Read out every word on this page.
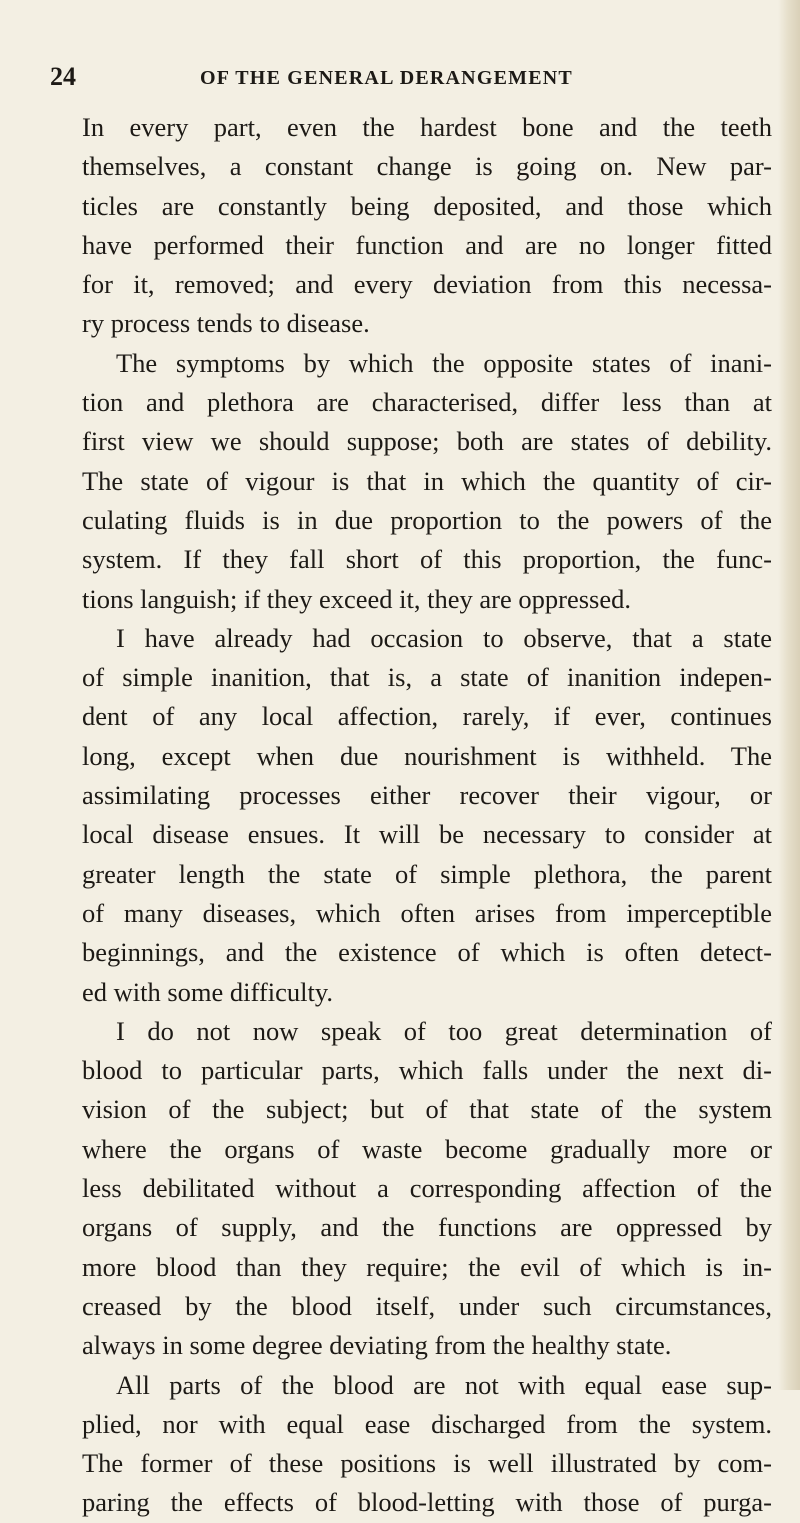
24	OF THE GENERAL DERANGEMENT
In every part, even the hardest bone and the teeth
themselves, a constant change is going on. New par-
ticles are constantly being deposited, and those which
have performed their function and are no longer fitted
for it, removed; and every deviation from this necessa-
ry process tends to disease.
The symptoms by which the opposite states of inani-
tion and plethora are characterised, differ less than at
first view we should suppose; both are states of debility.
The state of vigour is that in which the quantity of cir-
culating fluids is in due proportion to the powers of the
system. If they fall short of this proportion, the func-
tions languish; if they exceed it, they are oppressed.
I have already had occasion to observe, that a state
of simple inanition, that is, a state of inanition indepen-
dent of any local affection, rarely, if ever, continues
long, except when due nourishment is withheld. The
assimilating processes either recover their vigour, or
local disease ensues. It will be necessary to consider at
greater length the state of simple plethora, the parent
of many diseases, which often arises from imperceptible
beginnings, and the existence of which is often detect-
ed with some difficulty.
I do not now speak of too great determination of
blood to particular parts, which falls under the next di-
vision of the subject; but of that state of the system
where the organs of waste become gradually more or
less debilitated without a corresponding affection of the
organs of supply, and the functions are oppressed by
more blood than they require; the evil of which is in-
creased by the blood itself, under such circumstances,
always in some degree deviating from the healthy state.
All parts of the blood are not with equal ease sup-
plied, nor with equal ease discharged from the system.
The former of these positions is well illustrated by com-
paring the effects of blood-letting with those of purga-
